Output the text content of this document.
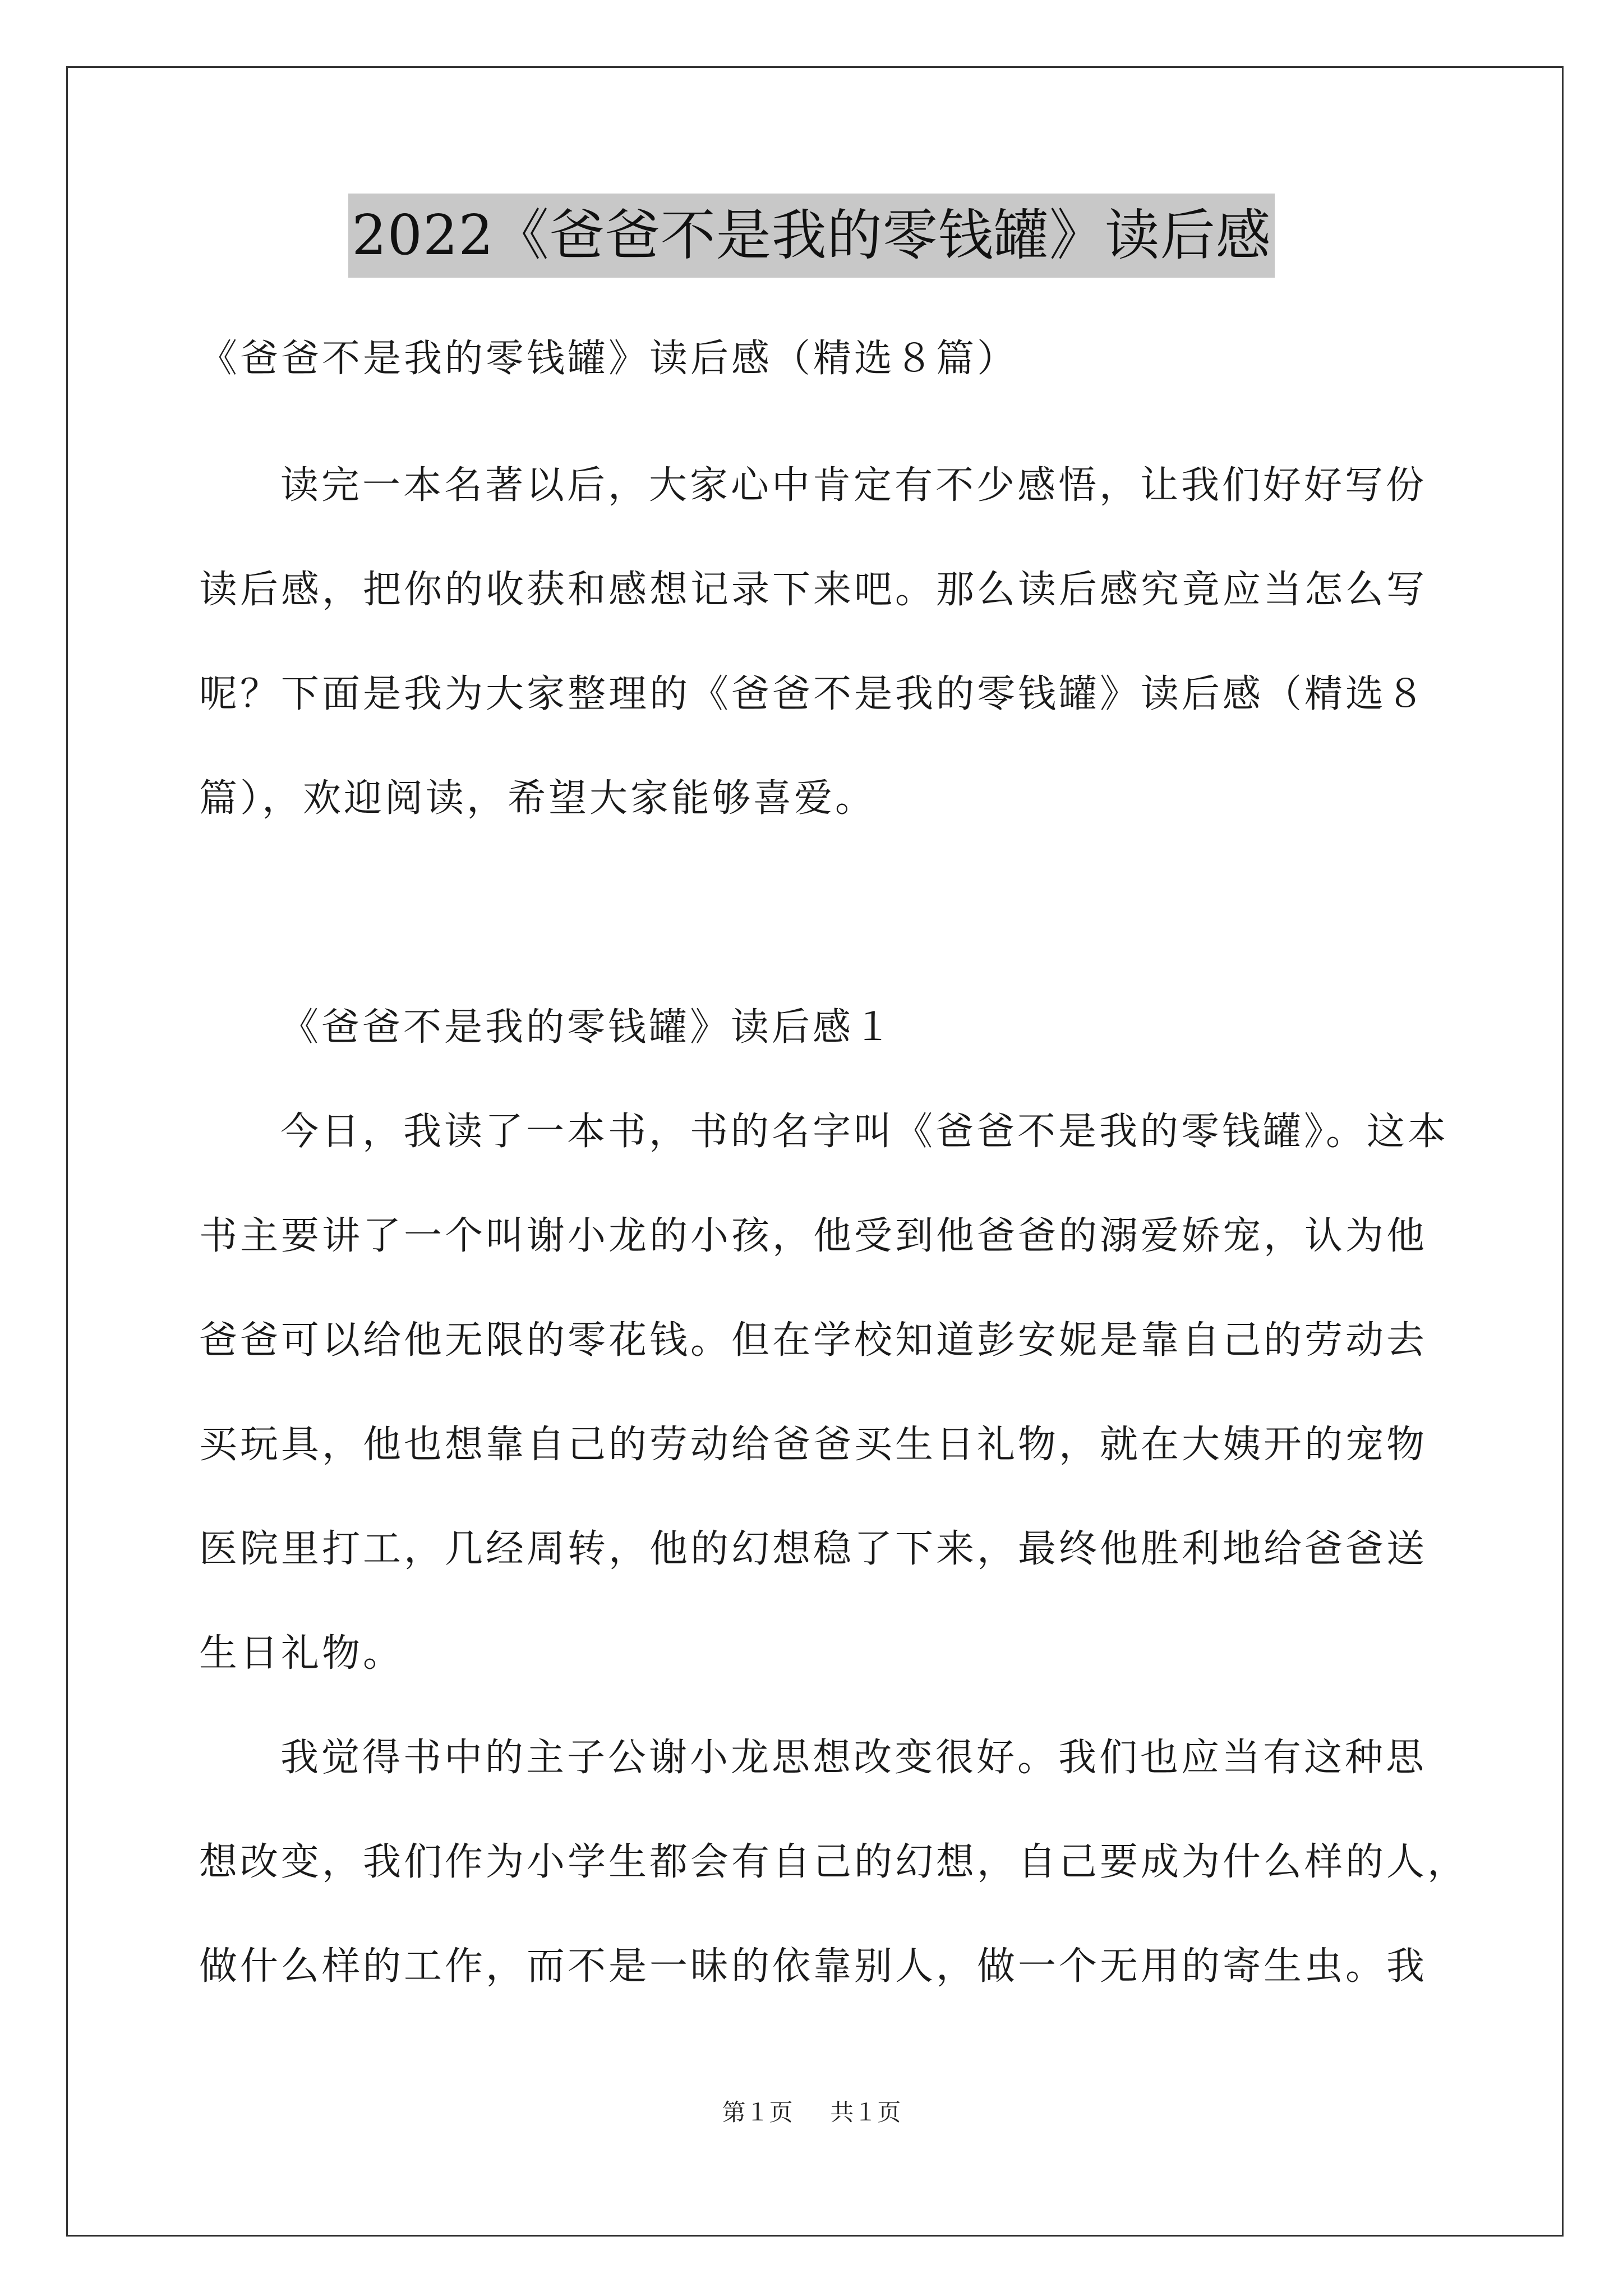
2022《爸爸不是我的零钱罐》读后感
《爸爸不是我的零钱罐》读后感（精选８篇）
读完一本名著以后，大家心中肯定有不少感悟，让我们好好写份
读后感，把你的收获和感想记录下来吧。那么读后感究竟应当怎么写
呢？下面是我为大家整理的《爸爸不是我的零钱罐》读后感（精选８
篇），欢迎阅读，希望大家能够喜爱。
《爸爸不是我的零钱罐》读后感１
今日，我读了一本书，书的名字叫《爸爸不是我的零钱罐》。这本
书主要讲了一个叫谢小龙的小孩，他受到他爸爸的溺爱娇宠，认为他
爸爸可以给他无限的零花钱。但在学校知道彭安妮是靠自己的劳动去
买玩具，他也想靠自己的劳动给爸爸买生日礼物，就在大姨开的宠物
医院里打工，几经周转，他的幻想稳了下来，最终他胜利地给爸爸送
生日礼物。
我觉得书中的主子公谢小龙思想改变很好。我们也应当有这种思
想改变，我们作为小学生都会有自己的幻想，自己要成为什么样的人，
做什么样的工作，而不是一昧的依靠别人，做一个无用的寄生虫。我
第１页 共１页
